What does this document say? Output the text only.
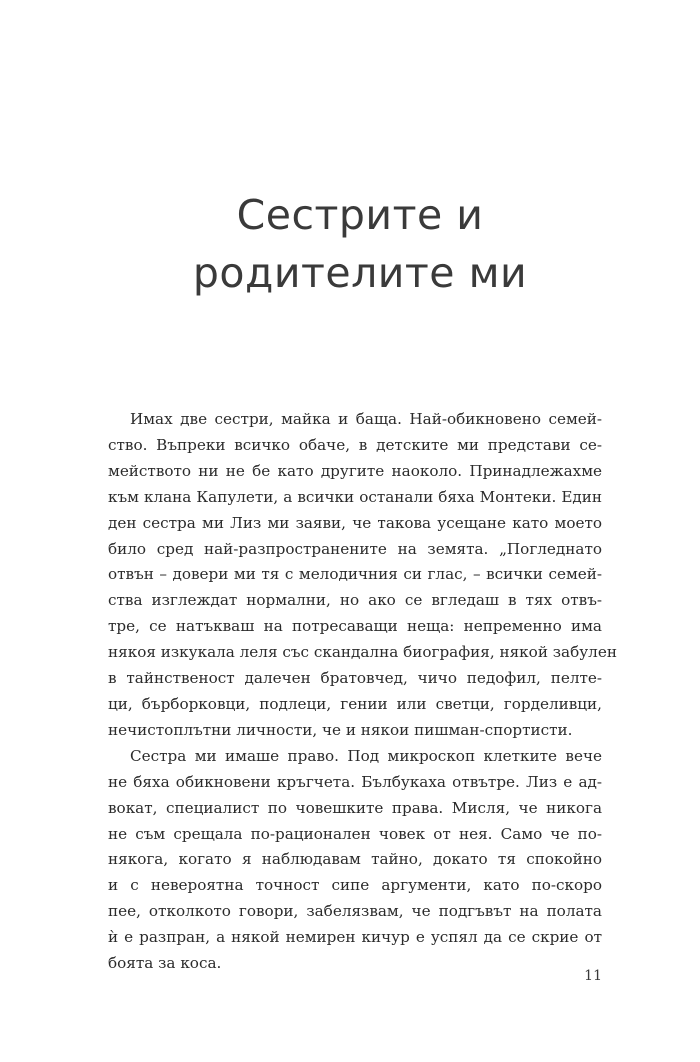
Сестрите и
родителите ми
Имах две сестри, майка и баща. Най-обикновено семей-
ство. Въпреки всичко обаче, в детските ми представи се-
мейството ни не бе като другите наоколо. Принадлежахме
към клана Капулети, а всички останали бяха Монтеки. Един
ден сестра ми Лиз ми заяви, че такова усещане като моето
било сред най-разпространените на земята. „Погледнато
отвън – довери ми тя с мелодичния си глас, – всички семей-
ства изглеждат нормални, но ако се вгледаш в тях отвъ-
тре, се натъкваш на потресаващи неща: непременно има
някоя изкукала леля със скандална биография, някой забулен
в тайнственост далечен братовчед, чичо педофил, пелте-
ци, бърборковци, подлеци, гении или светци, горделивци,
нечистоплътни личности, че и някои пишман-спортисти.
Сестра ми имаше право. Под микроскоп клетките вече
не бяха обикновени кръгчета. Бълбукаха отвътре. Лиз е ад-
вокат, специалист по човешките права. Мисля, че никога
не съм срещала по-рационален човек от нея. Само че по-
някога, когато я наблюдавам тайно, докато тя спокойно
и с невероятна точност сипе аргументи, като по-скоро
пее, отколкото говори, забелязвам, че подгъвът на полата
ѝ е разпран, а някой немирен кичур е успял да се скрие от
боята за коса.
11
